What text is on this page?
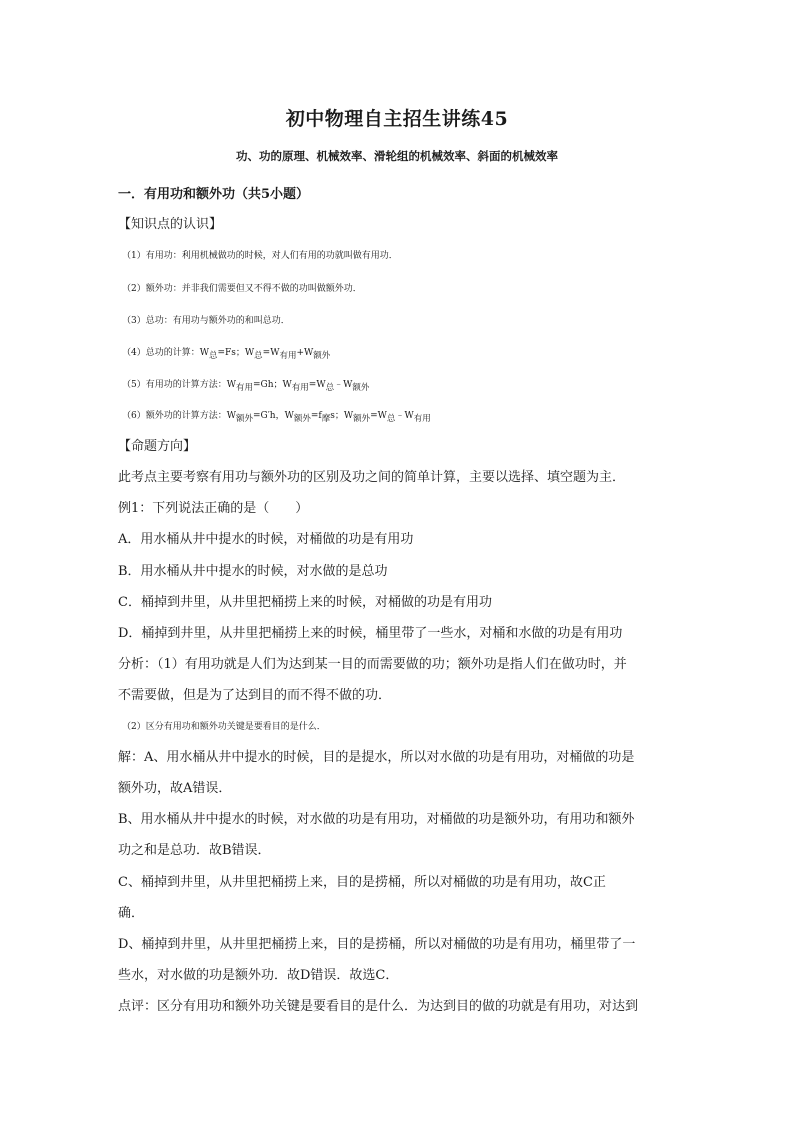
初中物理自主招生讲练45
功、功的原理、机械效率、滑轮组的机械效率、斜面的机械效率
一．有用功和额外功（共5小题）
【知识点的认识】
（1）有用功：利用机械做功的时候，对人们有用的功就叫做有用功．
（2）额外功：并非我们需要但又不得不做的功叫做额外功．
（3）总功：有用功与额外功的和叫总功．
（4）总功的计算：$W_总=Fs$；$W_总=W_{有用}+W_{额外}$
（5）有用功的计算方法：$W_{有用}=Gh$；$W_{有用}=W_总﹣W_{额外}$
（6）额外功的计算方法：$W_{额外}=G'h$，$W_{额外}=f_摩s$；$W_{额外}=W_总﹣W_{有用}$
【命题方向】
此考点主要考察有用功与额外功的区别及功之间的简单计算，主要以选择、填空题为主．
例1：下列说法正确的是（　　）
A．用水桶从井中提水的时候，对桶做的功是有用功
B．用水桶从井中提水的时候，对水做的是总功
C．桶掉到井里，从井里把桶捞上来的时候，对桶做的功是有用功
D．桶掉到井里，从井里把桶捞上来的时候，桶里带了一些水，对桶和水做的功是有用功
分析：（1）有用功就是人们为达到某一目的而需要做的功；额外功是指人们在做功时，并
不需要做，但是为了达到目的而不得不做的功．
（2）区分有用功和额外功关键是要看目的是什么．
解：A、用水桶从井中提水的时候，目的是提水，所以对水做的功是有用功，对桶做的功是
额外功，故A错误．
B、用水桶从井中提水的时候，对水做的功是有用功，对桶做的功是额外功，有用功和额外
功之和是总功．故B错误．
C、桶掉到井里，从井里把桶捞上来，目的是捞桶，所以对桶做的功是有用功，故C正
确．
D、桶掉到井里，从井里把桶捞上来，目的是捞桶，所以对桶做的功是有用功，桶里带了一
些水，对水做的功是额外功．故D错误．故选C．
点评：区分有用功和额外功关键是要看目的是什么．为达到目的做的功就是有用功，对达到
